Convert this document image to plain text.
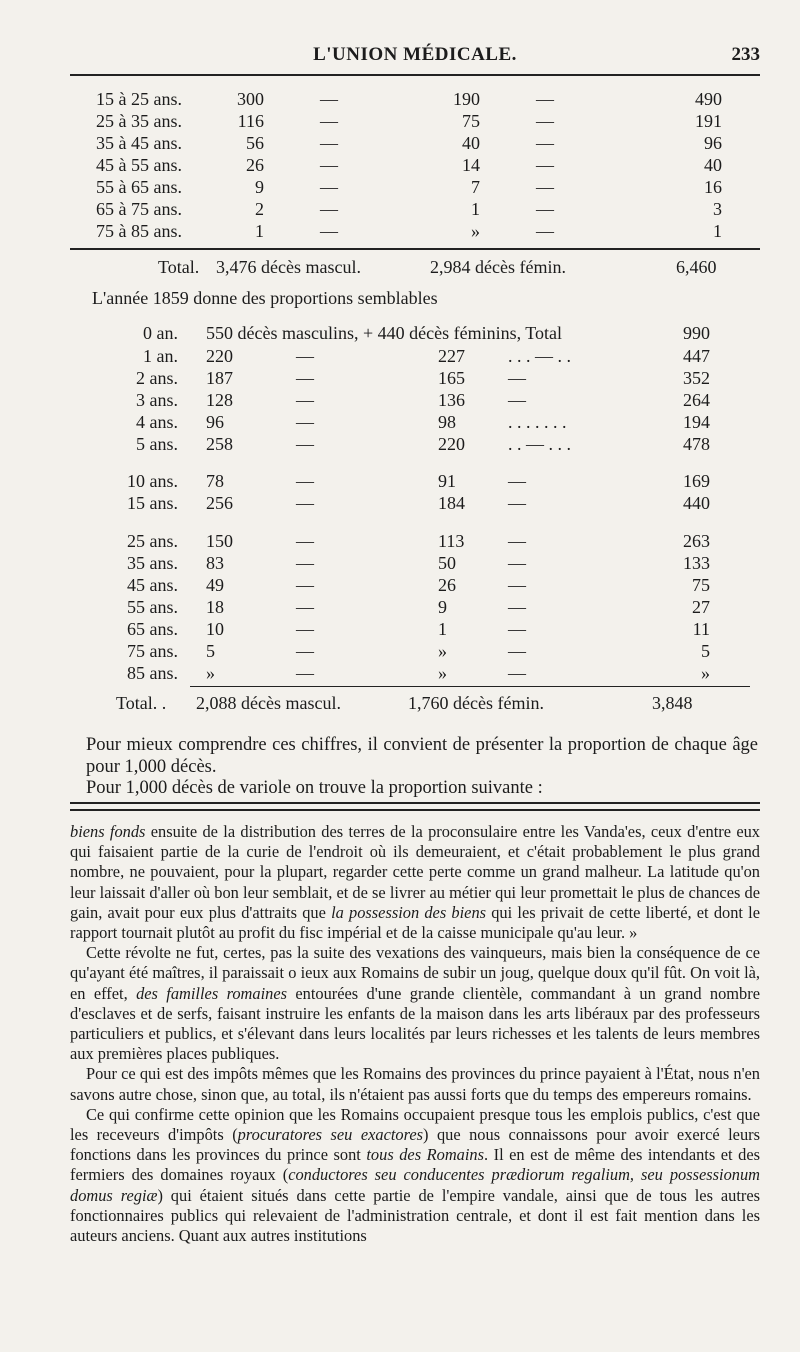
L'UNION MÉDICALE.	233
15 à 25 ans.	300	—	190	—	490
25 à 35 ans.	116	—	75	—	191
35 à 45 ans.	56	—	40	—	96
45 à 55 ans.	26	—	14	—	40
55 à 65 ans.	9	—	7	—	16
65 à 75 ans.	2	—	1	—	3
75 à 85 ans.	1	—	»	—	1
Total. 3,476 décès mascul.	2,984 décès fémin.	6,460
L'année 1859 donne des proportions semblables
0 an. 550 décès masculins, + 440 décès féminins, Total	990
1 an. 220	—	227	. . . — . .	447
2 ans. 187	—	165	—	352
3 ans. 128	—	136	—	264
4 ans. 96	—	98	. . . . . . .	194
5 ans. 258	—	220	. . — . . .	478
10 ans. 78	—	91	—	169
15 ans. 256	—	184	—	440
25 ans. 150	—	113	—	263
35 ans. 83	—	50	—	133
45 ans. 49	—	26	—	75
55 ans. 18	—	9	—	27
65 ans. 10	—	1	—	11
75 ans. 5	—	»	—	5
85 ans. »	—	»	—	»
Total. . 2,088 décès mascul.	1,760 décès fémin.	3,848
Pour mieux comprendre ces chiffres, il convient de présenter la proportion de chaque âge pour 1,000 décès.
Pour 1,000 décès de variole on trouve la proportion suivante :

biens fonds ensuite de la distribution des terres de la proconsulaire entre les Vanda'es, ceux d'entre eux qui faisaient partie de la curie de l'endroit où ils demeuraient, et c'était probablement le plus grand nombre, ne pouvaient, pour la plupart, regarder cette perte comme un grand malheur. La latitude qu'on leur laissait d'aller où bon leur semblait, et de se livrer au métier qui leur promettait le plus de chances de gain, avait pour eux plus d'attraits que la possession des biens qui les privait de cette liberté, et dont le rapport tournait plutôt au profit du fisc impérial et de la caisse municipale qu'au leur. »

Cette révolte ne fut, certes, pas la suite des vexations des vainqueurs, mais bien la conséquence de ce qu'ayant été maîtres, il paraissait o ieux aux Romains de subir un joug, quelque doux qu'il fût. On voit là, en effet, des familles romaines entourées d'une grande clientèle, commandant à un grand nombre d'esclaves et de serfs, faisant instruire les enfants de la maison dans les arts libéraux par des professeurs particuliers et publics, et s'élevant dans leurs localités par leurs richesses et les talents de leurs membres aux premières places publiques.

Pour ce qui est des impôts mêmes que les Romains des provinces du prince payaient à l'État, nous n'en savons autre chose, sinon que, au total, ils n'étaient pas aussi forts que du temps des empereurs romains.

Ce qui confirme cette opinion que les Romains occupaient presque tous les emplois publics, c'est que les receveurs d'impôts (procuratores seu exactores) que nous connaissons pour avoir exercé leurs fonctions dans les provinces du prince sont tous des Romains. Il en est de même des intendants et des fermiers des domaines royaux (conductores seu conducentes prædiorum regalium, seu possessionum domus regiæ) qui étaient situés dans cette partie de l'empire vandale, ainsi que de tous les autres fonctionnaires publics qui relevaient de l'administration centrale, et dont il est fait mention dans les auteurs anciens. Quant aux autres institutions
